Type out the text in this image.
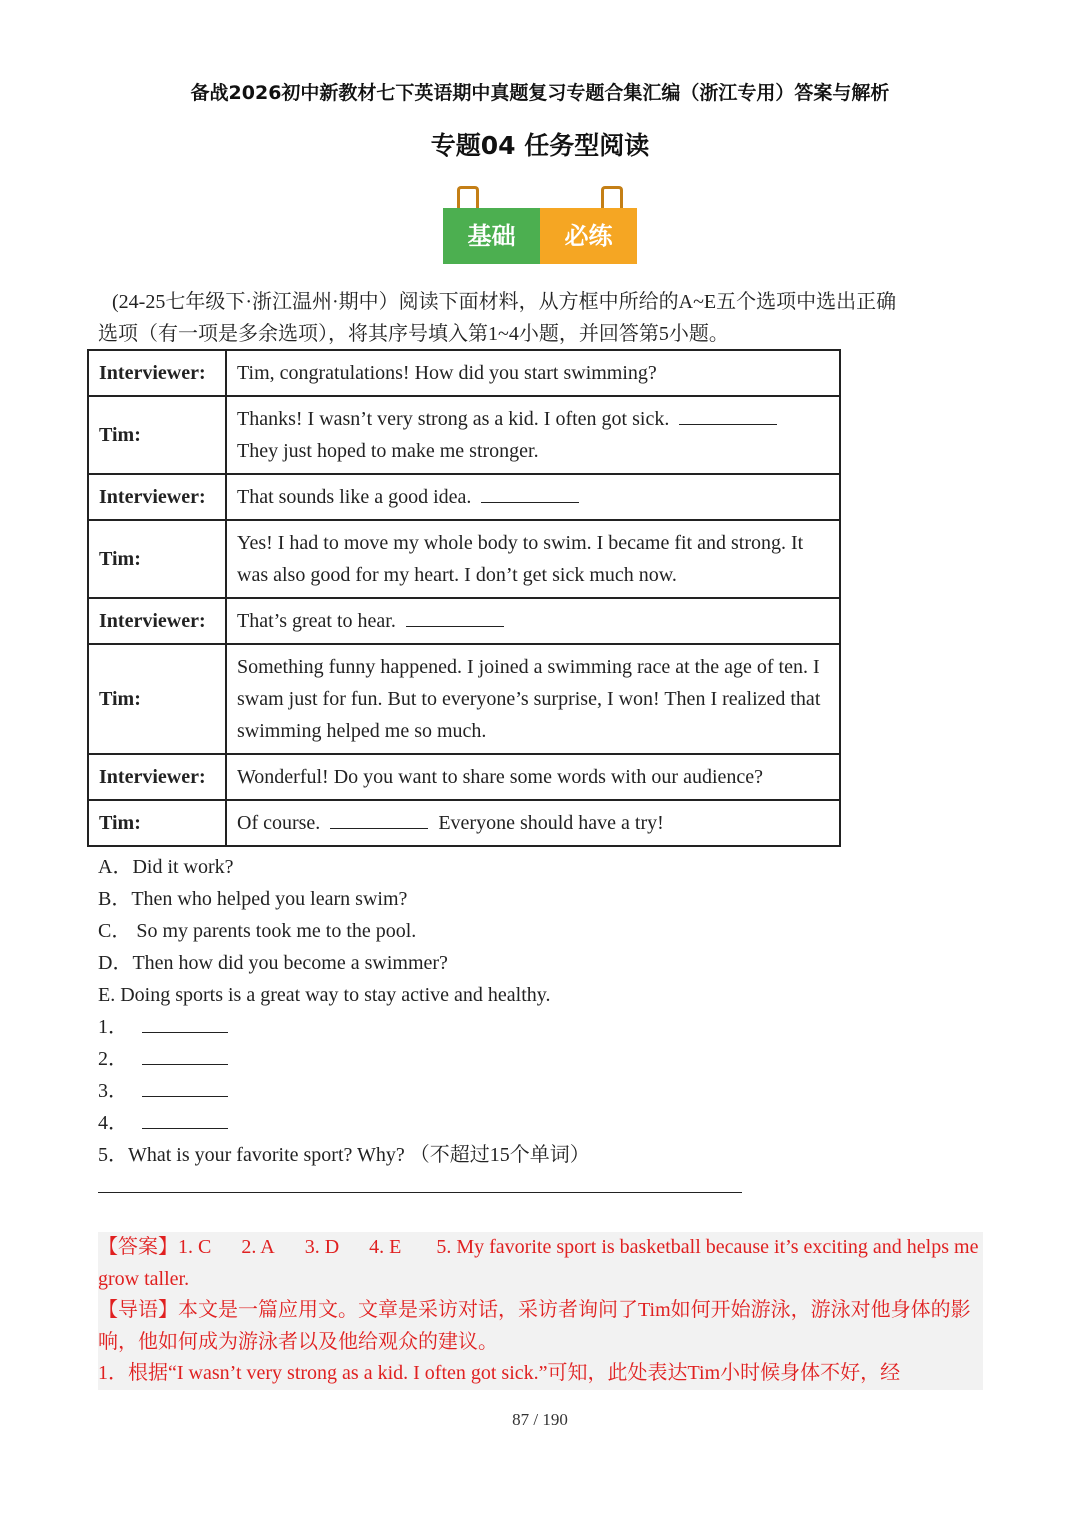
备战2026初中新教材七下英语期中真题复习专题合集汇编（浙江专用）答案与解析
专题04 任务型阅读
基础	必练
(24-25七年级下·浙江温州·期中）阅读下面材料，从方框中所给的A~E五个选项中选出正确
选项（有一项是多余选项），将其序号填入第1~4小题，并回答第5小题。
Interviewer:	Tim, congratulations! How did you start swimming?
Tim:	Thanks! I wasn’t very strong as a kid. I often got sick.
They just hoped to make me stronger.
Interviewer:	That sounds like a good idea.
Tim:	Yes! I had to move my whole body to swim. I became fit and strong. It was also good for my heart. I don’t get sick much now.
Interviewer:	That’s great to hear.
Tim:	Something funny happened. I joined a swimming race at the age of ten. I swam just for fun. But to everyone’s surprise, I won! Then I realized that swimming helped me so much.
Interviewer:	Wonderful! Do you want to share some words with our audience?
Tim:	Of course. Everyone should have a try!
A．Did it work?
B．Then who helped you learn swim?
C． So my parents took me to the pool.
D．Then how did you become a swimmer?
E. Doing sports is a great way to stay active and healthy.
1．
2．
3．
4．
5．What is your favorite sport? Why? （不超过15个单词）
【答案】1. C 2. A 3. D 4. E 5. My favorite sport is basketball because it’s exciting and helps me grow taller.
【导语】本文是一篇应用文。文章是采访对话，采访者询问了Tim如何开始游泳，游泳对他身体的影响，他如何成为游泳者以及他给观众的建议。
1．根据“I wasn’t very strong as a kid. I often got sick.”可知，此处表达Tim小时候身体不好，经
87 / 190
